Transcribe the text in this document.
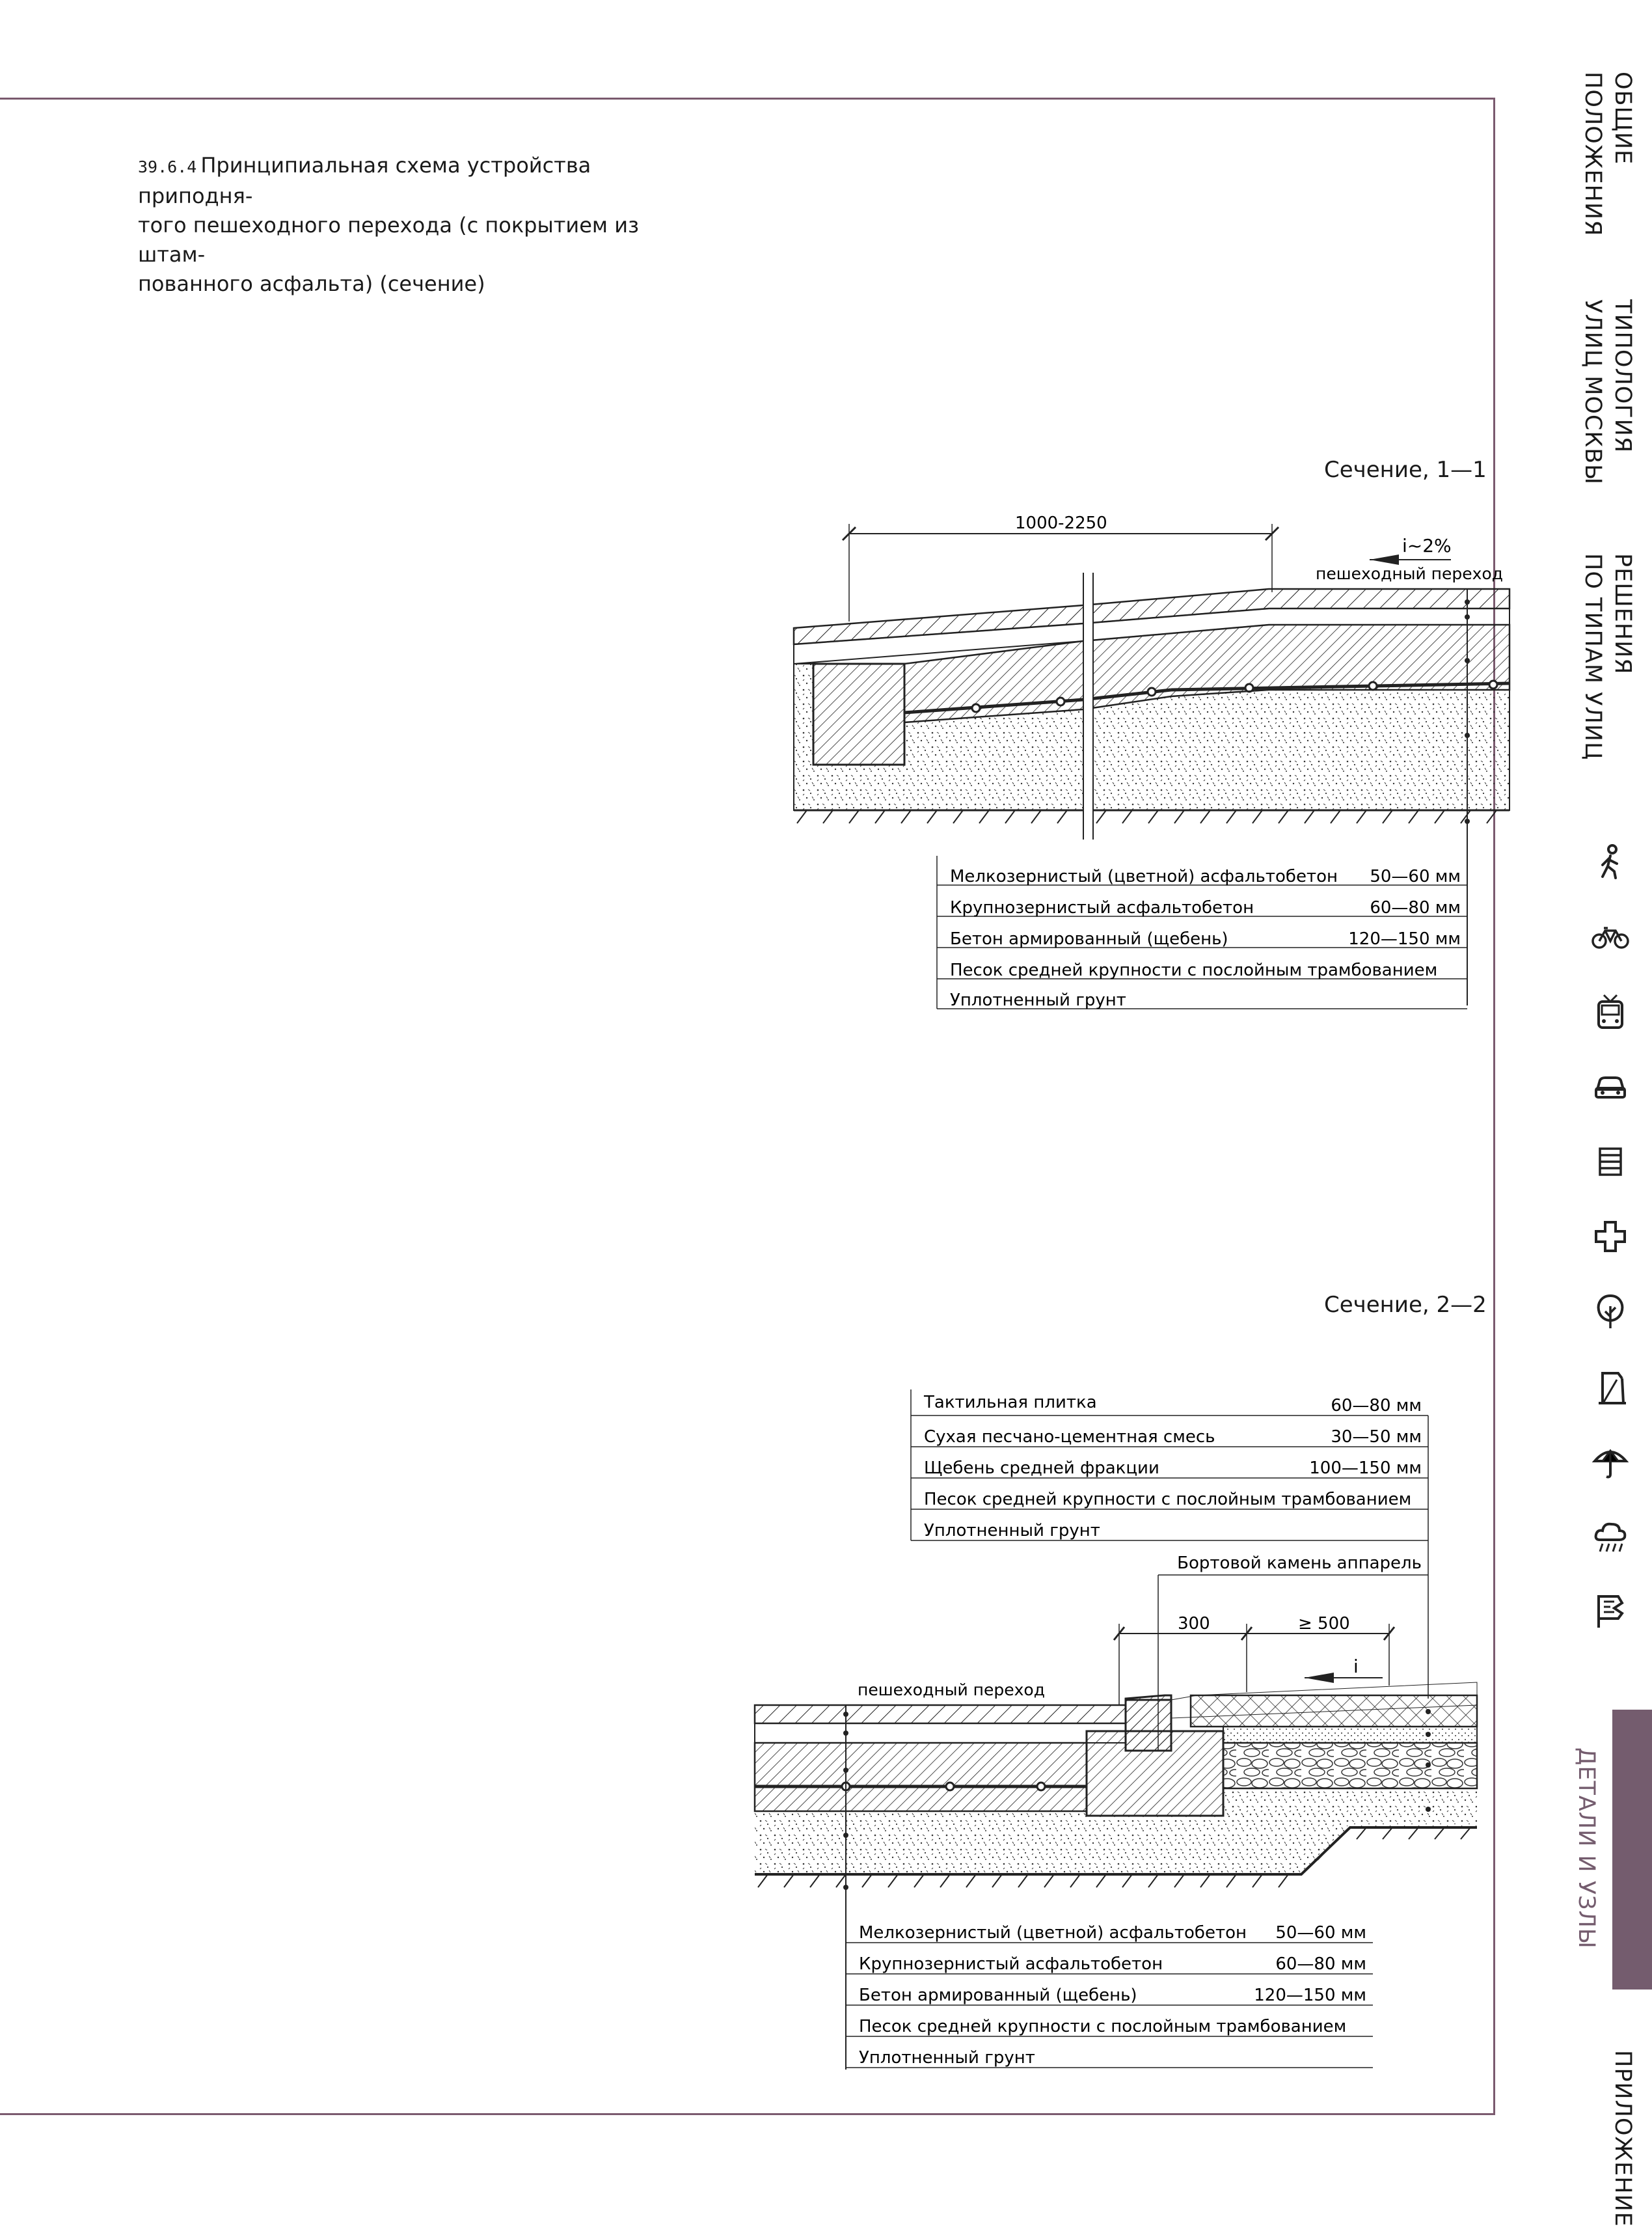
39.6.4 Принципиальная схема устройства приподня-
того пешеходного перехода (с покрытием из штам-
пованного асфальта) (сечение)
Сечение, 1—1
Сечение, 2—2
1000-2250
i~2%
пешеходный переход
Мелкозернистый (цветной) асфальтобетон 50—60 мм
Крупнозернистый асфальтобетон	60—80 мм
Бетон армированный (щебень)	120—150 мм
Песок средней крупности с послойным трамбованием
Уплотненный грунт
Тактильная плитка	60—80 мм
Сухая песчано-цементная смесь	30—50 мм
Щебень средней фракции	100—150 мм
Песок средней крупности с послойным трамбованием
Уплотненный грунт
Бортовой камень аппарель
300	≥ 500
i
пешеходный переход
Мелкозернистый (цветной) асфальтобетон 50—60 мм
Крупнозернистый асфальтобетон	60—80 мм
Бетон армированный (щебень)	120—150 мм
Песок средней крупности с послойным трамбованием
Уплотненный грунт
ОБЩИЕ
ПОЛОЖЕНИЯ
ТИПОЛОГИЯ
УЛИЦ МОСКВЫ
РЕШЕНИЯ
ПО ТИПАМ УЛИЦ
ДЕТАЛИ И УЗЛЫ
ПРИЛОЖЕНИЕ
